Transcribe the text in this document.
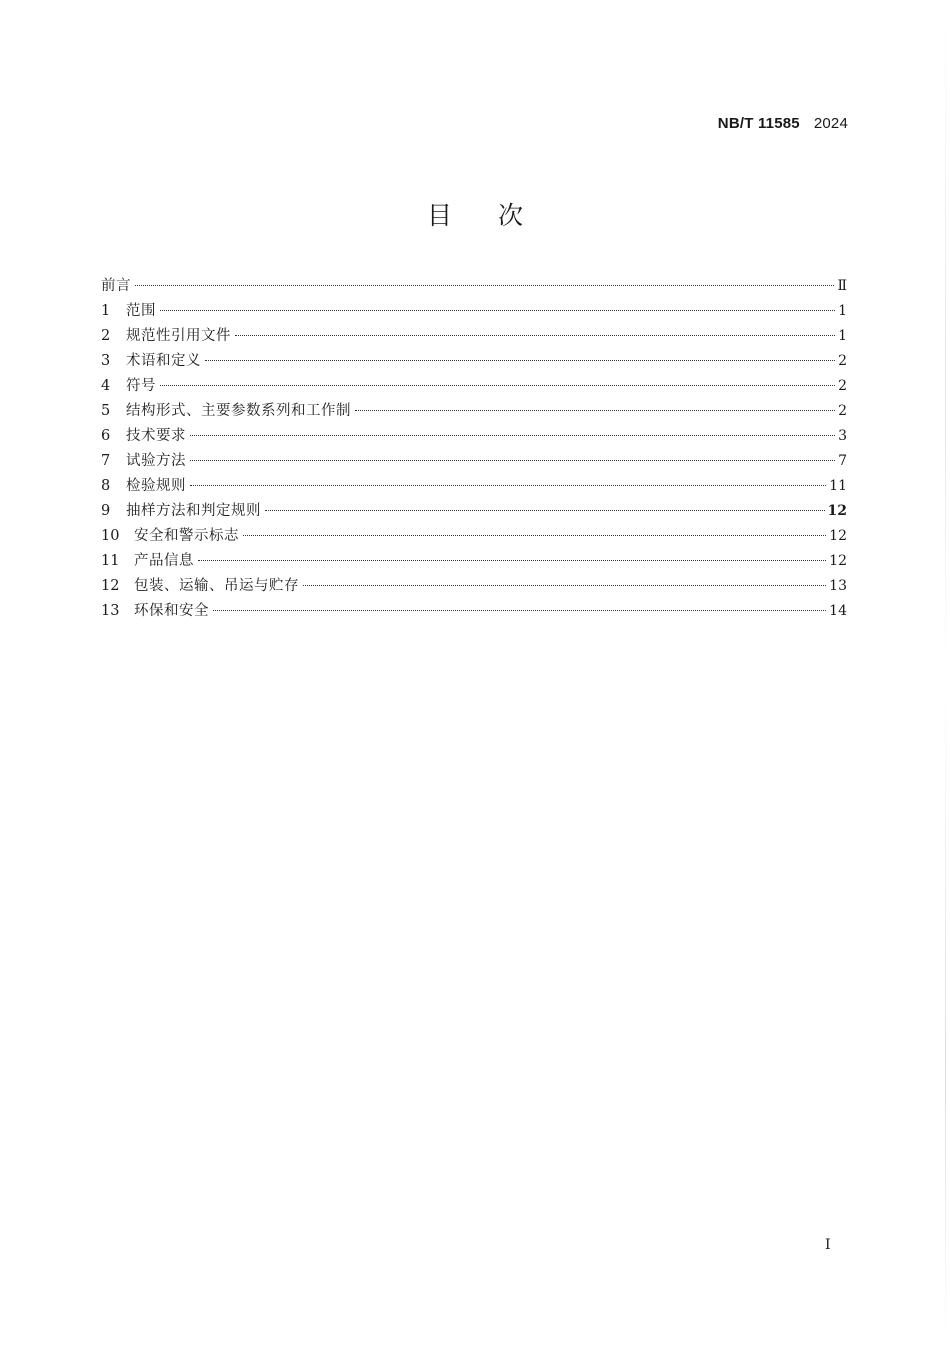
NB/T 11585 2024
目次
前言	Ⅱ
1	范围	1
2	规范性引用文件	1
3	术语和定义	2
4	符号	2
5	结构形式、主要参数系列和工作制	2
6	技术要求	3
7	试验方法	7
8	检验规则	11
9	抽样方法和判定规则	12
10	安全和警示标志	12
11	产品信息	12
12	包装、运输、吊运与贮存	13
13	环保和安全	14
I
